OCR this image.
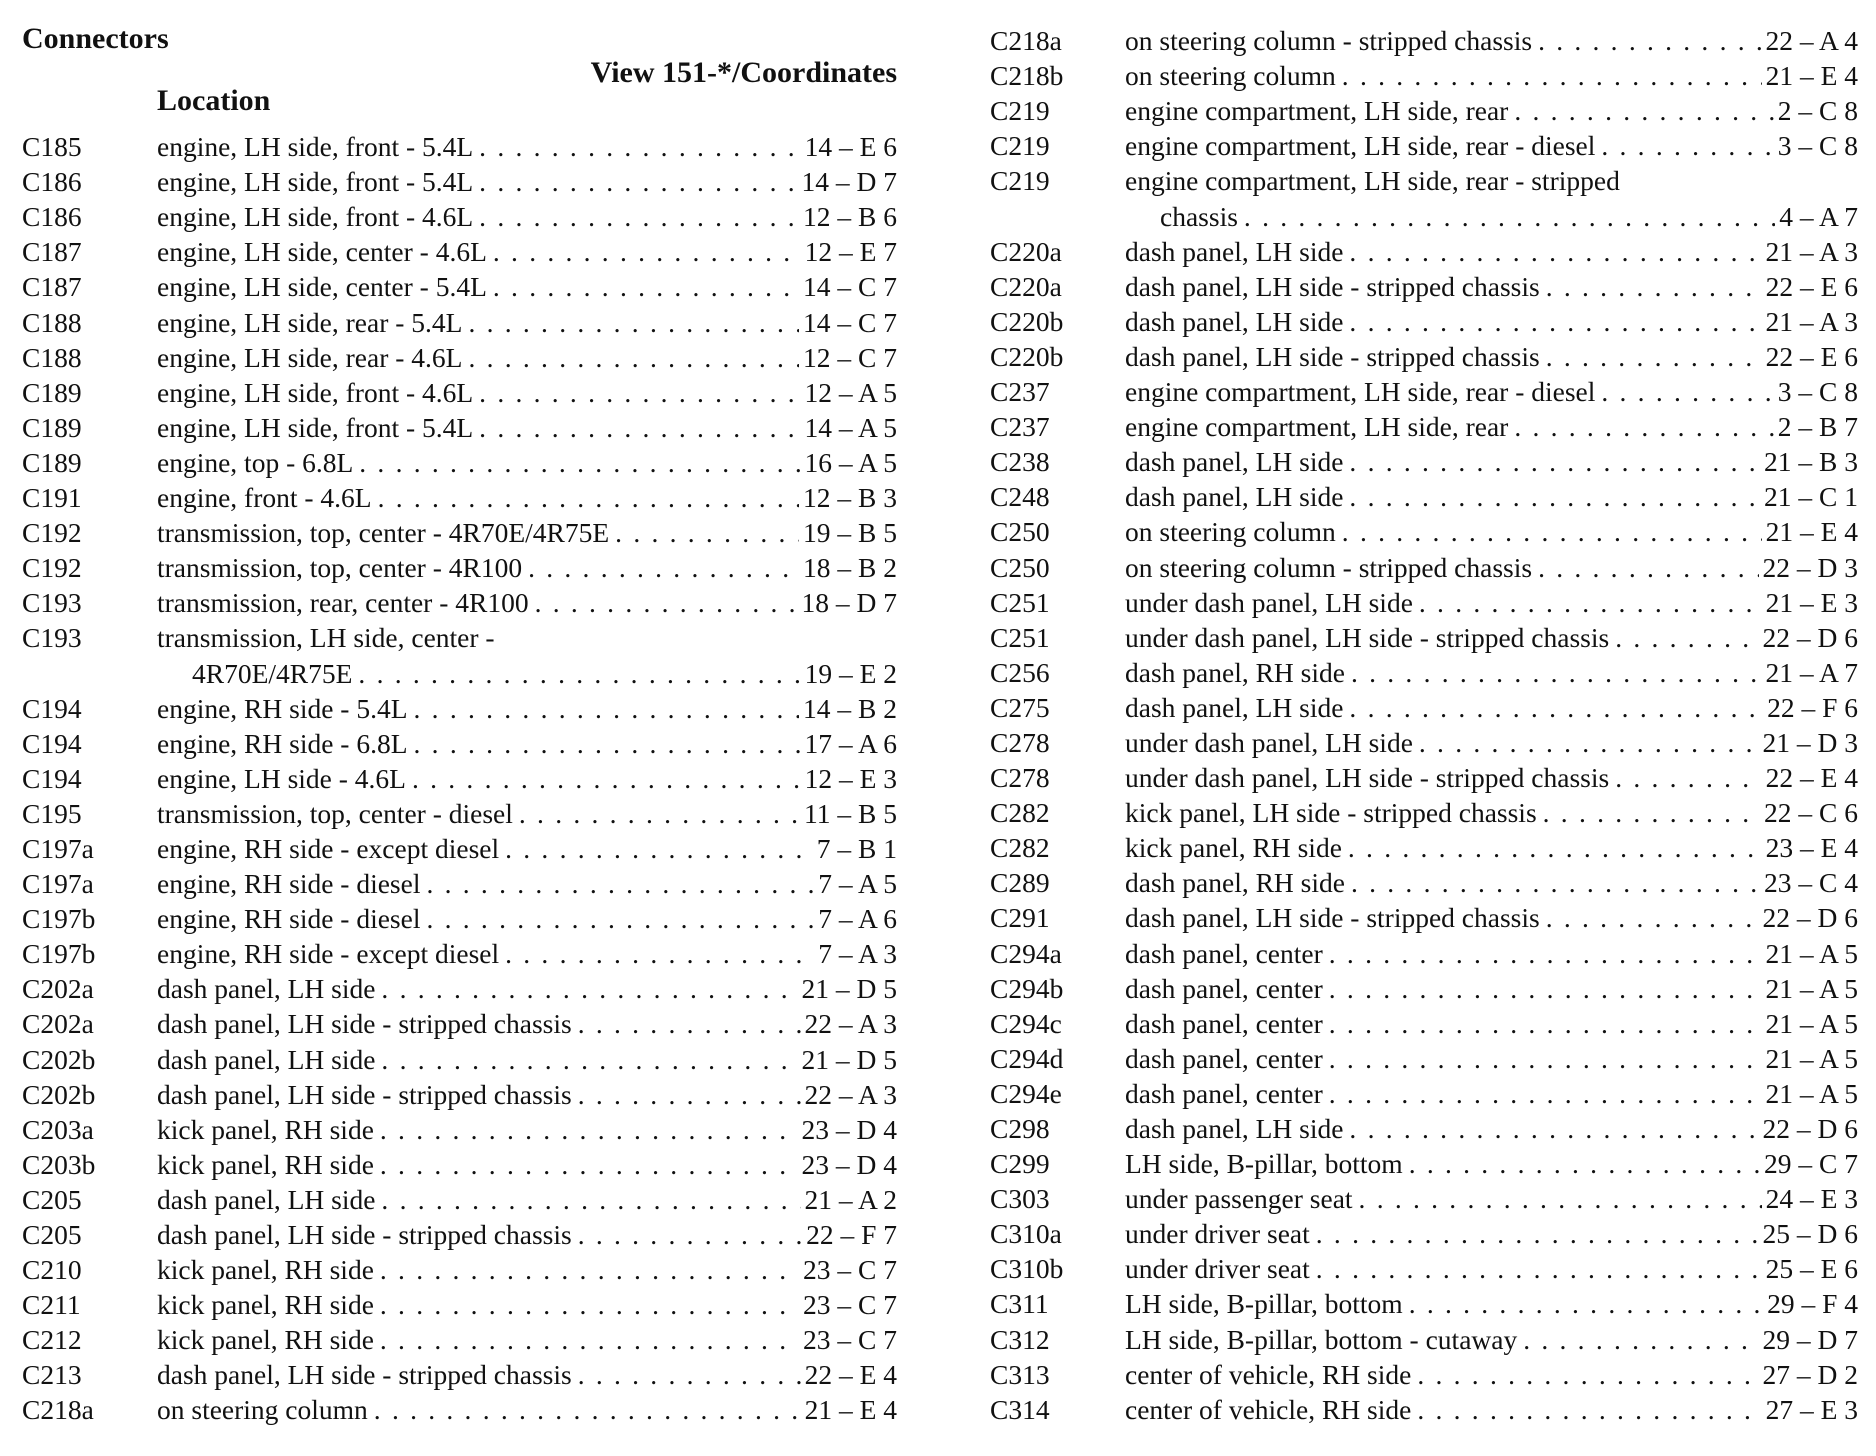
Connectors
Location
View 151-*/Coordinates
C185	engine, LH side, front - 5.4L . . .	14 – E 6
C186	engine, LH side, front - 5.4L . . .	14 – D 7
C186	engine, LH side, front - 4.6L . . .	12 – B 6
C187	engine, LH side, center - 4.6L . . .	12 – E 7
C187	engine, LH side, center - 5.4L . . .	14 – C 7
C188	engine, LH side, rear - 5.4L . . .	14 – C 7
C188	engine, LH side, rear - 4.6L . . .	12 – C 7
C189	engine, LH side, front - 4.6L . . .	12 – A 5
C189	engine, LH side, front - 5.4L . . .	14 – A 5
C189	engine, top - 6.8L . . .	16 – A 5
C191	engine, front - 4.6L . . .	12 – B 3
C192	transmission, top, center - 4R70E/4R75E . . .	19 – B 5
C192	transmission, top, center - 4R100 . . .	18 – B 2
C193	transmission, rear, center - 4R100 . . .	18 – D 7
C193	transmission, LH side, center -
4R70E/4R75E . . .	19 – E 2
C194	engine, RH side - 5.4L . . .	14 – B 2
C194	engine, RH side - 6.8L . . .	17 – A 6
C194	engine, LH side - 4.6L . . .	12 – E 3
C195	transmission, top, center - diesel . . .	11 – B 5
C197a	engine, RH side - except diesel . . .	7 – B 1
C197a	engine, RH side - diesel . . .	7 – A 5
C197b	engine, RH side - diesel . . .	7 – A 6
C197b	engine, RH side - except diesel . . .	7 – A 3
C202a	dash panel, LH side . . .	21 – D 5
C202a	dash panel, LH side - stripped chassis . . .	22 – A 3
C202b	dash panel, LH side . . .	21 – D 5
C202b	dash panel, LH side - stripped chassis . . .	22 – A 3
C203a	kick panel, RH side . . .	23 – D 4
C203b	kick panel, RH side . . .	23 – D 4
C205	dash panel, LH side . . .	21 – A 2
C205	dash panel, LH side - stripped chassis . . .	22 – F 7
C210	kick panel, RH side . . .	23 – C 7
C211	kick panel, RH side . . .	23 – C 7
C212	kick panel, RH side . . .	23 – C 7
C213	dash panel, LH side - stripped chassis . . .	22 – E 4
C218a	on steering column . . .	21 – E 4
C218a	on steering column - stripped chassis . . .	22 – A 4
C218b	on steering column . . .	21 – E 4
C219	engine compartment, LH side, rear . . .	2 – C 8
C219	engine compartment, LH side, rear - diesel . . .	3 – C 8
C219	engine compartment, LH side, rear - stripped
chassis . . .	4 – A 7
C220a	dash panel, LH side . . .	21 – A 3
C220a	dash panel, LH side - stripped chassis . . .	22 – E 6
C220b	dash panel, LH side . . .	21 – A 3
C220b	dash panel, LH side - stripped chassis . . .	22 – E 6
C237	engine compartment, LH side, rear - diesel . . .	3 – C 8
C237	engine compartment, LH side, rear . . .	2 – B 7
C238	dash panel, LH side . . .	21 – B 3
C248	dash panel, LH side . . .	21 – C 1
C250	on steering column . . .	21 – E 4
C250	on steering column - stripped chassis . . .	22 – D 3
C251	under dash panel, LH side . . .	21 – E 3
C251	under dash panel, LH side - stripped chassis . . .	22 – D 6
C256	dash panel, RH side . . .	21 – A 7
C275	dash panel, LH side . . .	22 – F 6
C278	under dash panel, LH side . . .	21 – D 3
C278	under dash panel, LH side - stripped chassis . . .	22 – E 4
C282	kick panel, LH side - stripped chassis . . .	22 – C 6
C282	kick panel, RH side . . .	23 – E 4
C289	dash panel, RH side . . .	23 – C 4
C291	dash panel, LH side - stripped chassis . . .	22 – D 6
C294a	dash panel, center . . .	21 – A 5
C294b	dash panel, center . . .	21 – A 5
C294c	dash panel, center . . .	21 – A 5
C294d	dash panel, center . . .	21 – A 5
C294e	dash panel, center . . .	21 – A 5
C298	dash panel, LH side . . .	22 – D 6
C299	LH side, B-pillar, bottom . . .	29 – C 7
C303	under passenger seat . . .	24 – E 3
C310a	under driver seat . . .	25 – D 6
C310b	under driver seat . . .	25 – E 6
C311	LH side, B-pillar, bottom . . .	29 – F 4
C312	LH side, B-pillar, bottom - cutaway . . .	29 – D 7
C313	center of vehicle, RH side . . .	27 – D 2
C314	center of vehicle, RH side . . .	27 – E 3
